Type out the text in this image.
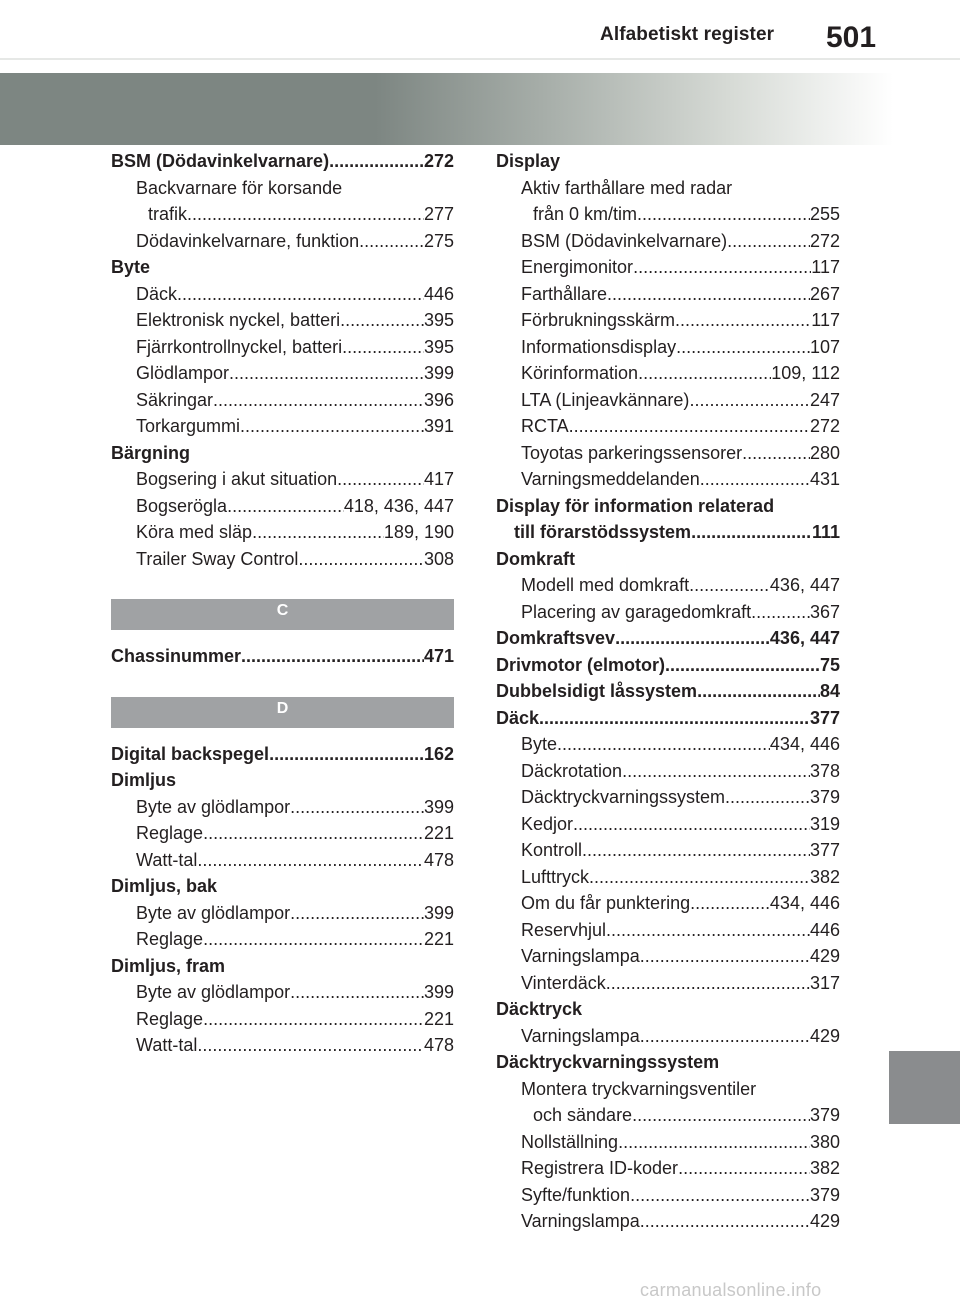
Alfabetiskt register 501
BSM (Dödavinkelvarnare) .....	272
Backvarnare för korsande
trafik .....	277
Dödavinkelvarnare, funktion .....	275
Byte
Däck .....	446
Elektronisk nyckel, batteri .....	395
Fjärrkontrollnyckel, batteri .....	395
Glödlampor .....	399
Säkringar .....	396
Torkargummi .....	391
Bärgning
Bogsering i akut situation .....	417
Bogserögla .....	418, 436, 447
Köra med släp .....	189, 190
Trailer Sway Control .....	308
C
Chassinummer .....	471
D
Digital backspegel .....	162
Dimljus
Byte av glödlampor .....	399
Reglage .....	221
Watt-tal .....	478
Dimljus, bak
Byte av glödlampor .....	399
Reglage .....	221
Dimljus, fram
Byte av glödlampor .....	399
Reglage .....	221
Watt-tal .....	478
Display
Aktiv farthållare med radar
från 0 km/tim .....	255
BSM (Dödavinkelvarnare) .....	272
Energimonitor .....	117
Farthållare .....	267
Förbrukningsskärm .....	117
Informationsdisplay .....	107
Körinformation .....	109, 112
LTA (Linjeavkännare) .....	247
RCTA .....	272
Toyotas parkeringssensorer .....	280
Varningsmeddelanden .....	431
Display för information relaterad
till förarstödssystem .....	111
Domkraft
Modell med domkraft .....	436, 447
Placering av garagedomkraft .....	367
Domkraftsvev .....	436, 447
Drivmotor (elmotor) .....	75
Dubbelsidigt låssystem .....	84
Däck .....	377
Byte .....	434, 446
Däckrotation .....	378
Däcktryckvarningssystem .....	379
Kedjor .....	319
Kontroll .....	377
Lufttryck .....	382
Om du får punktering .....	434, 446
Reservhjul .....	446
Varningslampa .....	429
Vinterdäck .....	317
Däcktryck
Varningslampa .....	429
Däcktryckvarningssystem
Montera tryckvarningsventiler
och sändare .....	379
Nollställning .....	380
Registrera ID-koder .....	382
Syfte/funktion .....	379
Varningslampa .....	429
carmanualsonline.info
